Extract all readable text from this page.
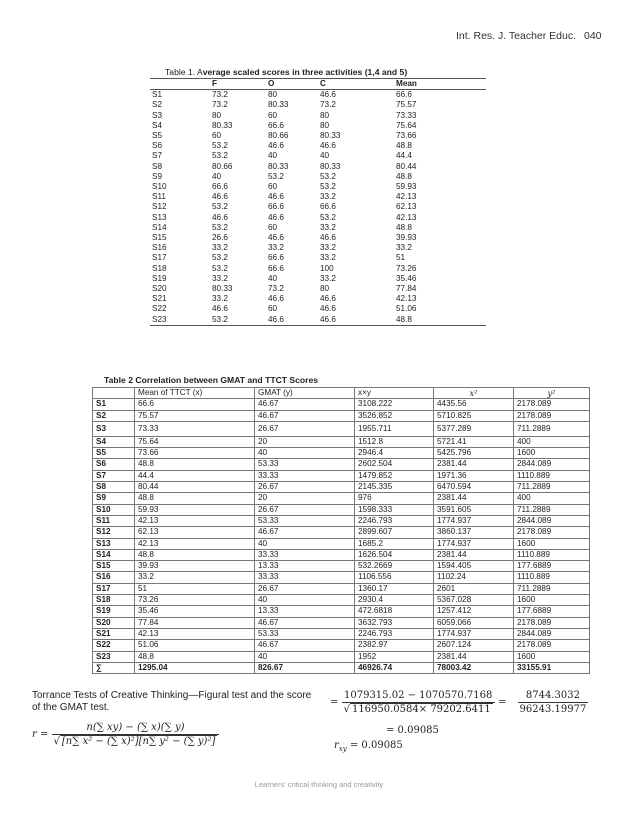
Int. Res. J. Teacher Educ. 040
Table 1. Average scaled scores in three activities (1,4 and 5)
	F	O	C	Mean
S1	73.2	80	46.6	66.6
S2	73.2	80.33	73.2	75.57
S3	80	60	80	73.33
S4	80.33	66.6	80	75.64
S5	60	80.66	80.33	73.66
S6	53.2	46.6	46.6	48.8
S7	53.2	40	40	44.4
S8	80.66	80.33	80.33	80.44
S9	40	53.2	53.2	48.8
S10	66.6	60	53.2	59.93
S11	46.6	46.6	33.2	42.13
S12	53.2	66.6	66.6	62.13
S13	46.6	46.6	53.2	42.13
S14	53.2	60	33.2	48.8
S15	26.6	46.6	46.6	39.93
S16	33.2	33.2	33.2	33.2
S17	53.2	66.6	33.2	51
S18	53.2	66.6	100	73.26
S19	33.2	40	33.2	35.46
S20	80.33	73.2	80	77.84
S21	33.2	46.6	46.6	42.13
S22	46.6	60	46.6	51.06
S23	53.2	46.6	46.6	48.8
Table 2 Correlation between GMAT and TTCT Scores
	Mean of TTCT (x)	GMAT (y)	x×y	x²	y²
S1	66.6	46.67	3108.222	4435.56	2178.089
S2	75.57	46.67	3526.852	5710.825	2178.089
S3	73.33	26.67	1955.711	5377.289	711.2889
S4	75.64	20	1512.8	5721.41	400
S5	73.66	40	2946.4	5425.796	1600
S6	48.8	53.33	2602.504	2381.44	2844.089
S7	44.4	33.33	1479.852	1971.36	1110.889
S8	80.44	26.67	2145.335	6470.594	711.2889
S9	48.8	20	976	2381.44	400
S10	59.93	26.67	1598.333	3591.605	711.2889
S11	42.13	53.33	2246.793	1774.937	2844.089
S12	62.13	46.67	2899.607	3860.137	2178.089
S13	42.13	40	1685.2	1774.937	1600
S14	48.8	33.33	1626.504	2381.44	1110.889
S15	39.93	13.33	532.2669	1594.405	177.6889
S16	33.2	33.33	1106.556	1102.24	1110.889
S17	51	26.67	1360.17	2601	711.2889
S18	73.26	40	2930.4	5367.028	1600
S19	35.46	13.33	472.6818	1257.412	177.6889
S20	77.84	46.67	3632.793	6059.066	2178.089
S21	42.13	53.33	2246.793	1774.937	2844.089
S22	51.06	46.67	2382.97	2607.124	2178.089
S23	48.8	40	1952	2381.44	1600
∑	1295.04	826.67	46926.74	78003.42	33155.91
Torrance Tests of Creative Thinking—Figural test and the score of the GMAT test.
$r = \frac{n(\sum xy) - (\sum x)(\sum y)}{\text{√ [n∑ x² − (∑ x)²][n∑ y² − (∑ y)²]}}$
= $\frac{1079315.02 - 1070570.7168}{√ 116950.0584\times 79202.6411} = \frac{8744.3032}{96243.19977}$
= 0.09085
$r_{xy} = 0.09085$
Learners' critical thinking and creativity
